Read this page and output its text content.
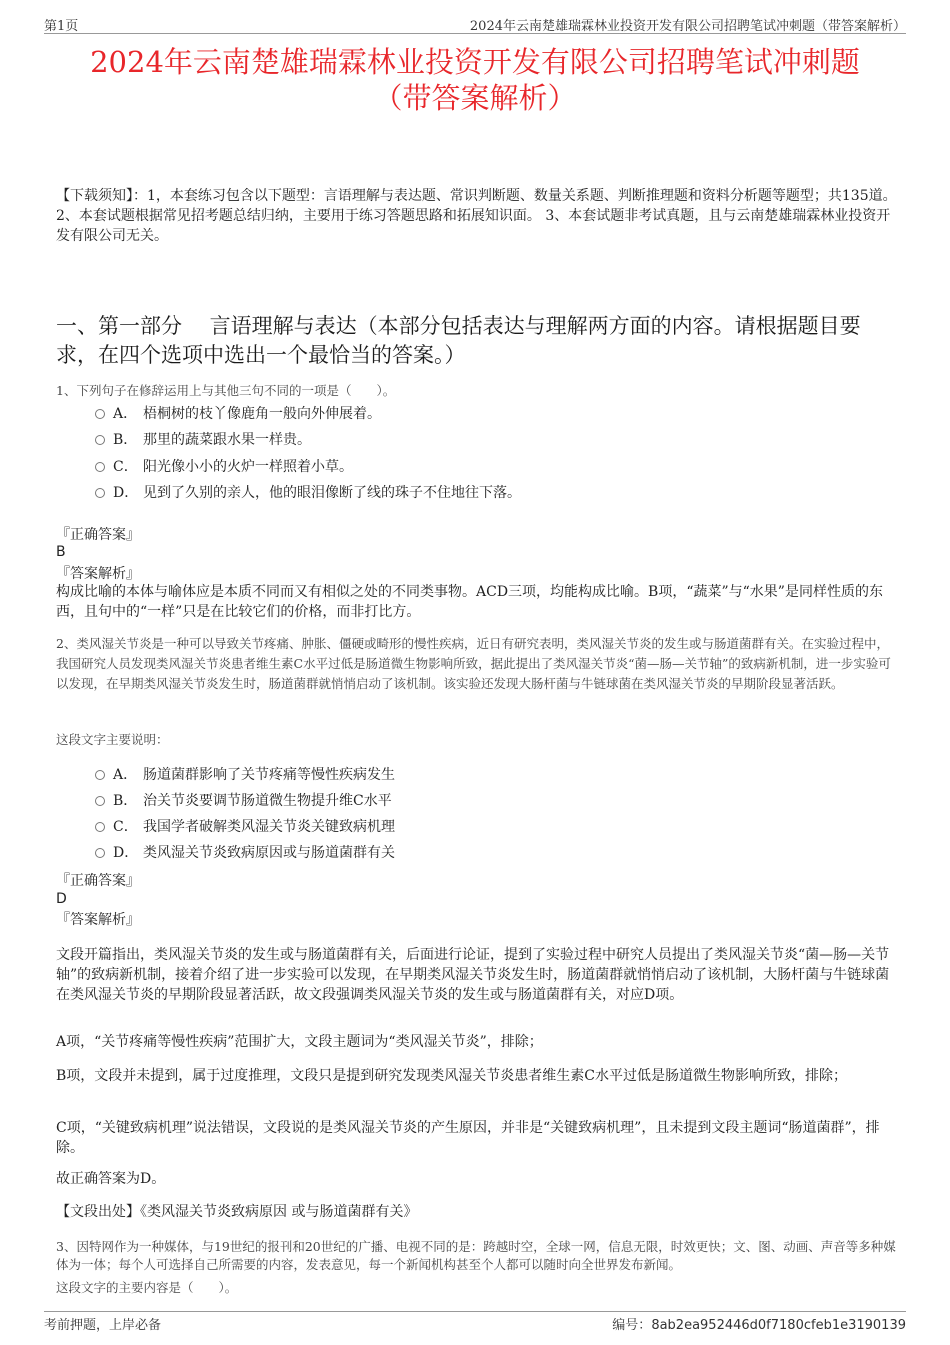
第1页	2024年云南楚雄瑞霖林业投资开发有限公司招聘笔试冲刺题（带答案解析）
2024年云南楚雄瑞霖林业投资开发有限公司招聘笔试冲刺题
（带答案解析）
【下载须知】：1，本套练习包含以下题型：言语理解与表达题、常识判断题、数量关系题、判断推理题和资料分析题等题型；共135道。 2、本套试题根据常见招考题总结归纳，主要用于练习答题思路和拓展知识面。 3、本套试题非考试真题，且与云南楚雄瑞霖林业投资开发有限公司无关。
一、第一部分　 言语理解与表达（本部分包括表达与理解两方面的内容。请根据题目要求，在四个选项中选出一个最恰当的答案。）
1、下列句子在修辞运用上与其他三句不同的一项是（　　）。
A． 梧桐树的枝丫像鹿角一般向外伸展着。
B． 那里的蔬菜跟水果一样贵。
C． 阳光像小小的火炉一样照着小草。
D． 见到了久别的亲人，他的眼泪像断了线的珠子不住地往下落。
『正确答案』
B
『答案解析』
构成比喻的本体与喻体应是本质不同而又有相似之处的不同类事物。ACD三项，均能构成比喻。B项，“蔬菜”与“水果”是同样性质的东西，且句中的“一样”只是在比较它们的价格，而非打比方。
2、类风湿关节炎是一种可以导致关节疼痛、肿胀、僵硬或畸形的慢性疾病，近日有研究表明，类风湿关节炎的发生或与肠道菌群有关。在实验过程中，我国研究人员发现类风湿关节炎患者维生素C水平过低是肠道微生物影响所致，据此提出了类风湿关节炎“菌—肠—关节轴”的致病新机制，进一步实验可以发现，在早期类风湿关节炎发生时，肠道菌群就悄悄启动了该机制。该实验还发现大肠杆菌与牛链球菌在类风湿关节炎的早期阶段显著活跃。
这段文字主要说明：
A． 肠道菌群影响了关节疼痛等慢性疾病发生
B． 治关节炎要调节肠道微生物提升维C水平
C． 我国学者破解类风湿关节炎关键致病机理
D． 类风湿关节炎致病原因或与肠道菌群有关
『正确答案』
D
『答案解析』
文段开篇指出，类风湿关节炎的发生或与肠道菌群有关，后面进行论证，提到了实验过程中研究人员提出了类风湿关节炎“菌—肠—关节轴”的致病新机制，接着介绍了进一步实验可以发现，在早期类风湿关节炎发生时，肠道菌群就悄悄启动了该机制，大肠杆菌与牛链球菌在类风湿关节炎的早期阶段显著活跃，故文段强调类风湿关节炎的发生或与肠道菌群有关，对应D项。
A项，“关节疼痛等慢性疾病”范围扩大，文段主题词为“类风湿关节炎”，排除；
B项，文段并未提到，属于过度推理，文段只是提到研究发现类风湿关节炎患者维生素C水平过低是肠道微生物影响所致，排除；
C项，“关键致病机理”说法错误，文段说的是类风湿关节炎的产生原因，并非是“关键致病机理”，且未提到文段主题词“肠道菌群”，排除。
故正确答案为D。
【文段出处】《类风湿关节炎致病原因 或与肠道菌群有关》
3、因特网作为一种媒体，与19世纪的报刊和20世纪的广播、电视不同的是：跨越时空，全球一网，信息无限，时效更快；文、图、动画、声音等多种媒体为一体；每个人可选择自己所需要的内容，发表意见，每一个新闻机构甚至个人都可以随时向全世界发布新闻。
这段文字的主要内容是（　　）。
考前押题，上岸必备	编号：8ab2ea952446d0f7180cfeb1e3190139
